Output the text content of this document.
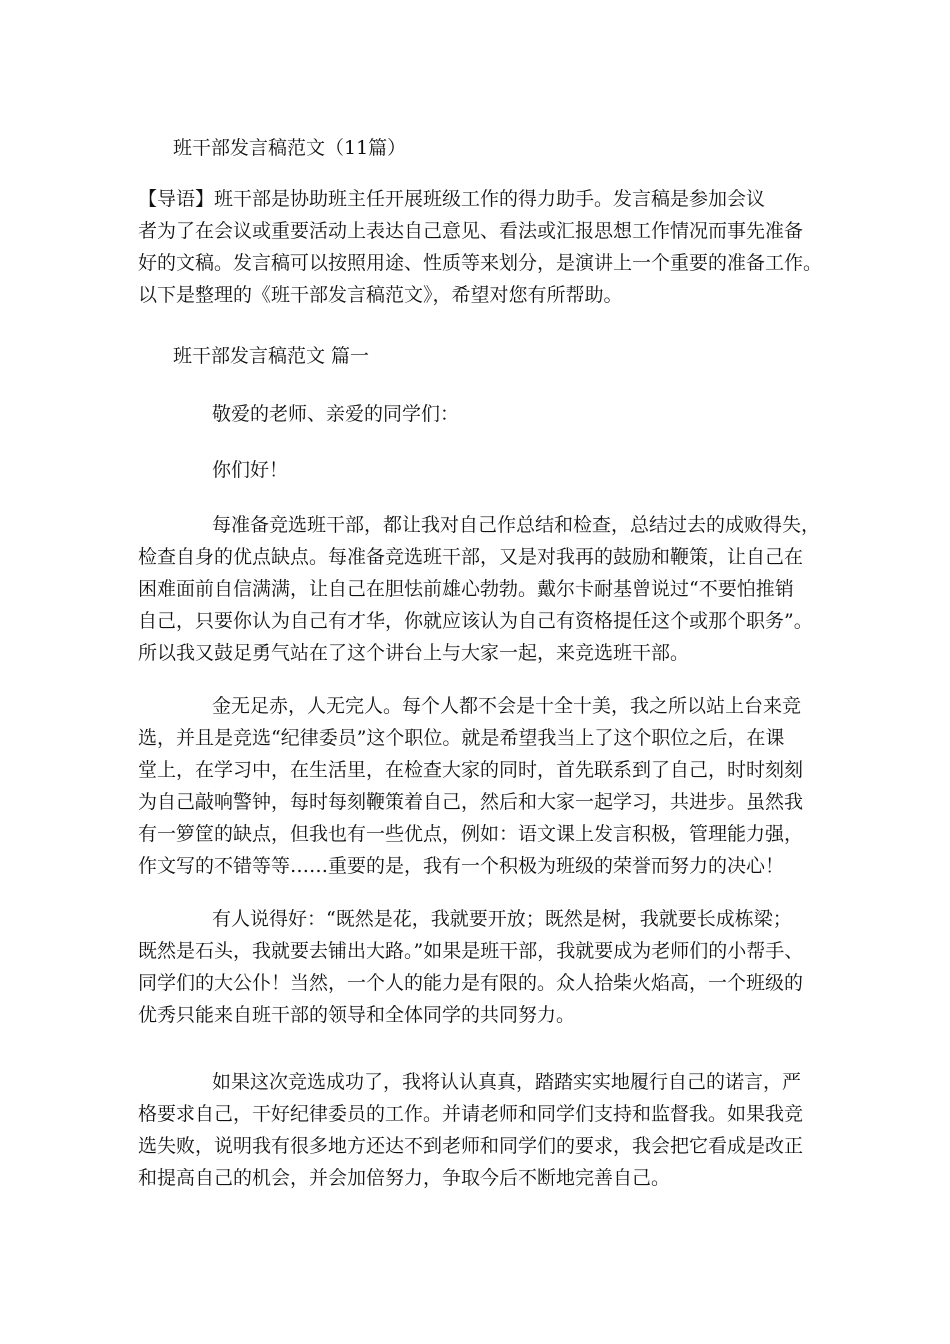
班干部发言稿范文（11篇）
【导语】班干部是协助班主任开展班级工作的得力助手。发言稿是参加会议
者为了在会议或重要活动上表达自己意见、看法或汇报思想工作情况而事先准备
好的文稿。发言稿可以按照用途、性质等来划分，是演讲上一个重要的准备工作。
以下是整理的《班干部发言稿范文》，希望对您有所帮助。
班干部发言稿范文 篇一
敬爱的老师、亲爱的同学们：
你们好！
每准备竞选班干部，都让我对自己作总结和检查，总结过去的成败得失，
检查自身的优点缺点。每准备竞选班干部，又是对我再的鼓励和鞭策，让自己在
困难面前自信满满，让自己在胆怯前雄心勃勃。戴尔卡耐基曾说过“不要怕推销
自己，只要你认为自己有才华，你就应该认为自己有资格提任这个或那个职务”。
所以我又鼓足勇气站在了这个讲台上与大家一起，来竞选班干部。
金无足赤，人无完人。每个人都不会是十全十美，我之所以站上台来竞
选，并且是竞选“纪律委员”这个职位。就是希望我当上了这个职位之后，在课
堂上，在学习中，在生活里，在检查大家的同时，首先联系到了自己，时时刻刻
为自己敲响警钟，每时每刻鞭策着自己，然后和大家一起学习，共进步。虽然我
有一箩筐的缺点，但我也有一些优点，例如：语文课上发言积极，管理能力强，
作文写的不错等等……重要的是，我有一个积极为班级的荣誉而努力的决心！
有人说得好：“既然是花，我就要开放；既然是树，我就要长成栋梁；
既然是石头，我就要去铺出大路。”如果是班干部，我就要成为老师们的小帮手、
同学们的大公仆！当然，一个人的能力是有限的。众人拾柴火焰高，一个班级的
优秀只能来自班干部的领导和全体同学的共同努力。
如果这次竞选成功了，我将认认真真，踏踏实实地履行自己的诺言，严
格要求自己，干好纪律委员的工作。并请老师和同学们支持和监督我。如果我竞
选失败，说明我有很多地方还达不到老师和同学们的要求，我会把它看成是改正
和提高自己的机会，并会加倍努力，争取今后不断地完善自己。
